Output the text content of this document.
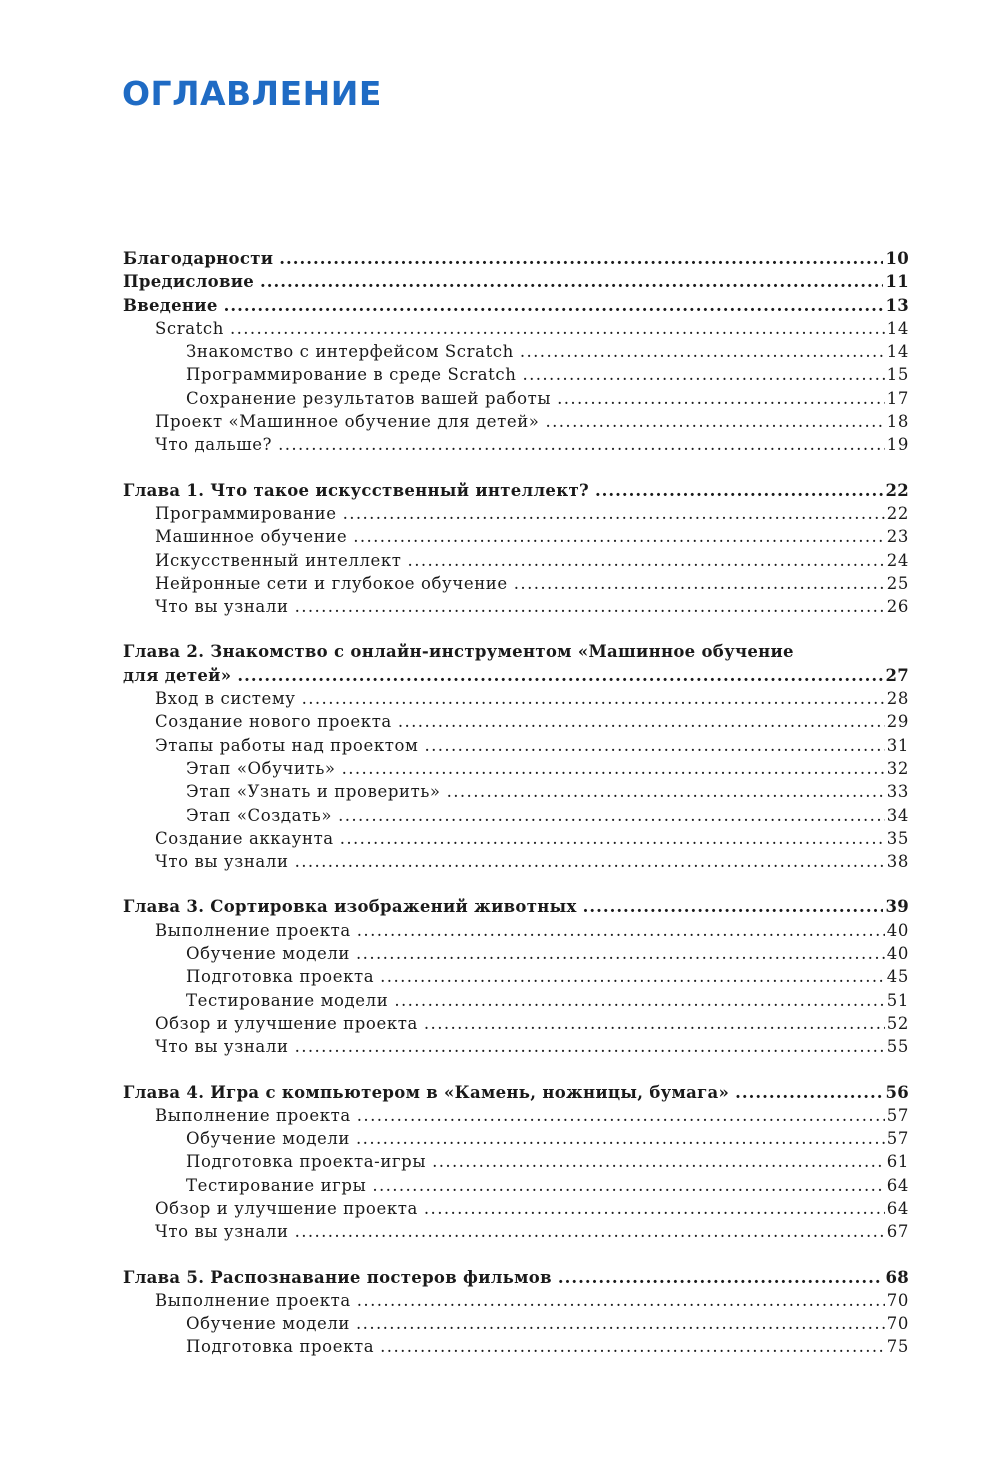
ОГЛАВЛЕНИЕ
Благодарности .....	10
Предисловие .....	11
Введение .....	13
Scratch .....	14
Знакомство с интерфейсом Scratch .....	14
Программирование в среде Scratch .....	15
Сохранение результатов вашей работы .....	17
Проект «Машинное обучение для детей» .....	18
Что дальше? .....	19
Глава 1. Что такое искусственный интеллект? .....	22
Программирование .....	22
Машинное обучение .....	23
Искусственный интеллект .....	24
Нейронные сети и глубокое обучение .....	25
Что вы узнали .....	26
Глава 2. Знакомство с онлайн-инструментом «Машинное обучение
для детей» .....	27
Вход в систему .....	28
Создание нового проекта .....	29
Этапы работы над проектом .....	31
Этап «Обучить» .....	32
Этап «Узнать и проверить» .....	33
Этап «Создать» .....	34
Создание аккаунта .....	35
Что вы узнали .....	38
Глава 3. Сортировка изображений животных .....	39
Выполнение проекта .....	40
Обучение модели .....	40
Подготовка проекта .....	45
Тестирование модели .....	51
Обзор и улучшение проекта .....	52
Что вы узнали .....	55
Глава 4. Игра с компьютером в «Камень, ножницы, бумага» .....	56
Выполнение проекта .....	57
Обучение модели .....	57
Подготовка проекта-игры .....	61
Тестирование игры .....	64
Обзор и улучшение проекта .....	64
Что вы узнали .....	67
Глава 5. Распознавание постеров фильмов .....	68
Выполнение проекта .....	70
Обучение модели .....	70
Подготовка проекта .....	75
